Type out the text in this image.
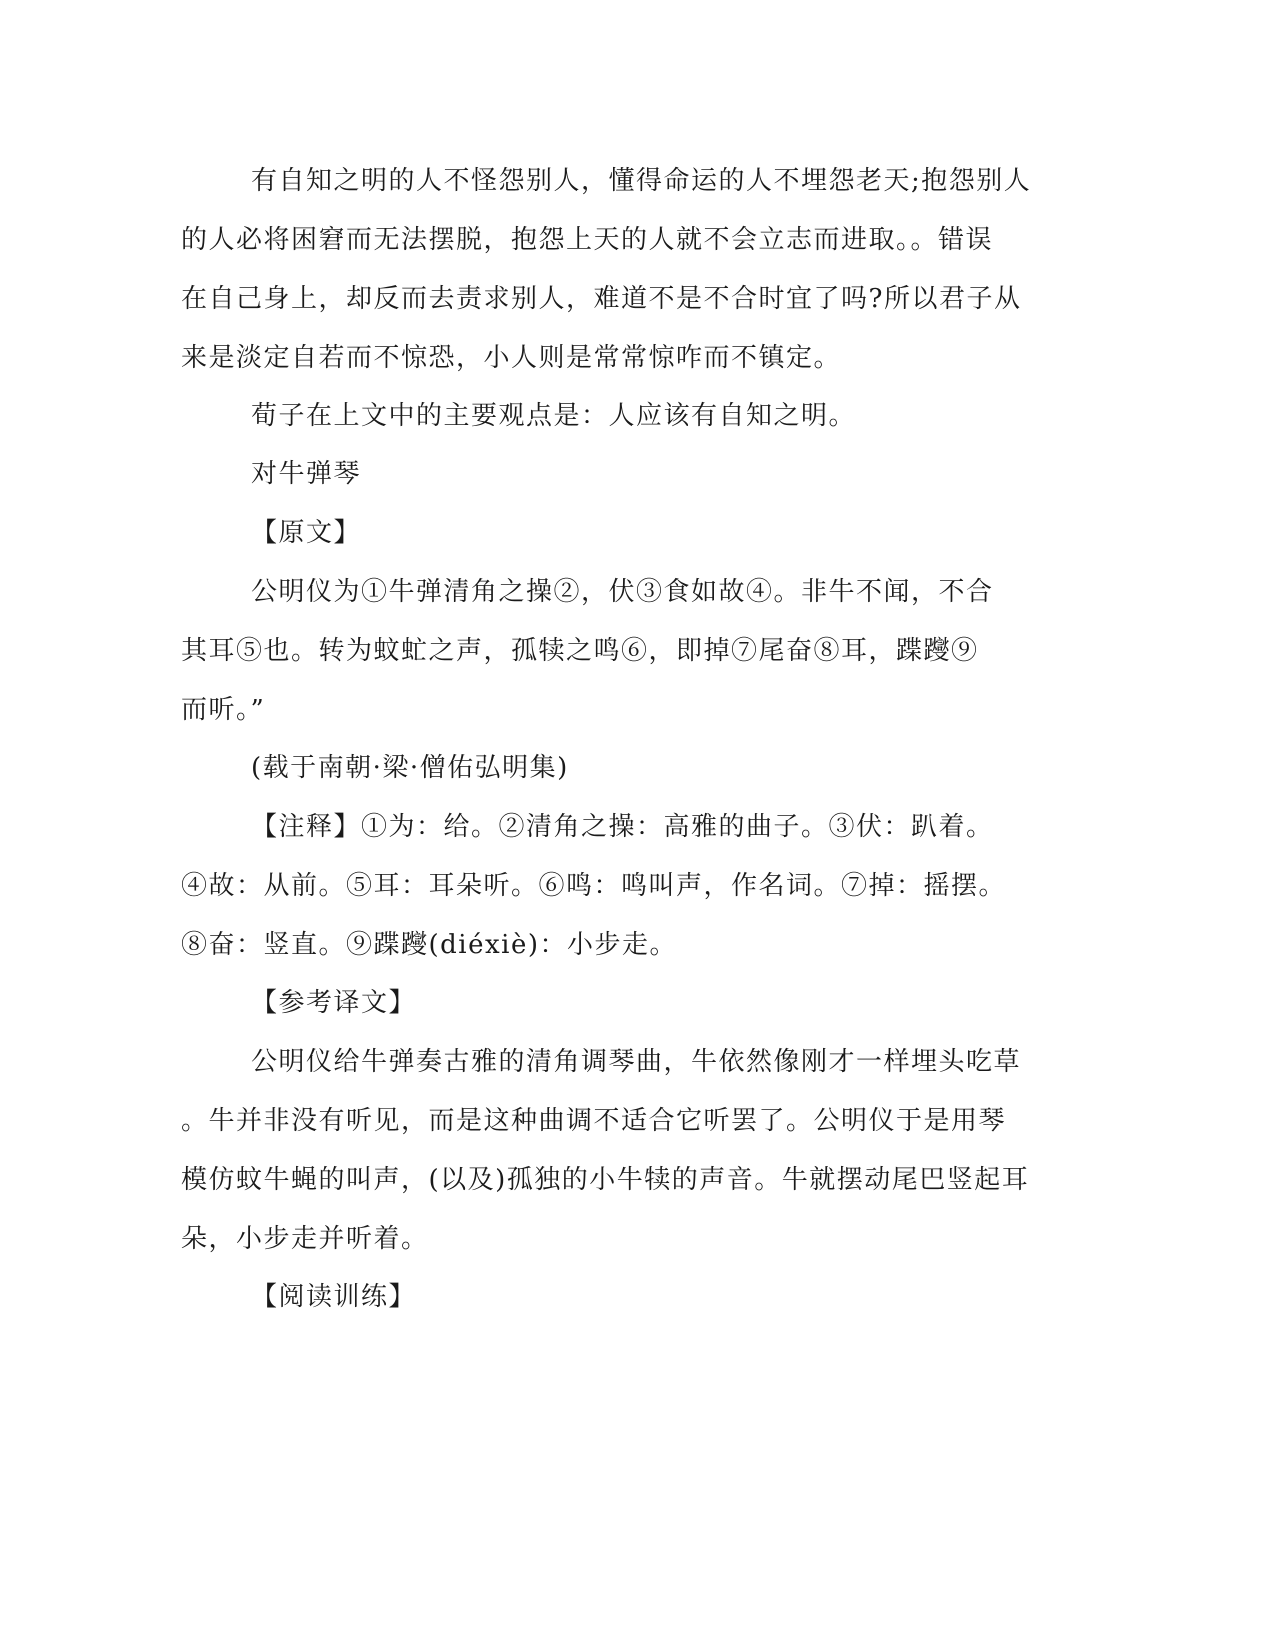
有自知之明的人不怪怨别人，懂得命运的人不埋怨老天;抱怨别人
的人必将困窘而无法摆脱，抱怨上天的人就不会立志而进取。。错误
在自己身上，却反而去责求别人，难道不是不合时宜了吗?所以君子从
来是淡定自若而不惊恐，小人则是常常惊咋而不镇定。
荀子在上文中的主要观点是：人应该有自知之明。
对牛弹琴
【原文】
公明仪为①牛弹清角之操②，伏③食如故④。非牛不闻，不合
其耳⑤也。转为蚊虻之声，孤犊之鸣⑥，即掉⑦尾奋⑧耳，蹀躞⑨
而听。”
(载于南朝·梁·僧佑弘明集)
【注释】①为：给。②清角之操：高雅的曲子。③伏：趴着。
④故：从前。⑤耳：耳朵听。⑥鸣：鸣叫声，作名词。⑦掉：摇摆。
⑧奋：竖直。⑨蹀躞(diéxiè)：小步走。
【参考译文】
公明仪给牛弹奏古雅的清角调琴曲，牛依然像刚才一样埋头吃草
。牛并非没有听见，而是这种曲调不适合它听罢了。公明仪于是用琴
模仿蚊牛蝇的叫声，(以及)孤独的小牛犊的声音。牛就摆动尾巴竖起耳
朵，小步走并听着。
【阅读训练】
